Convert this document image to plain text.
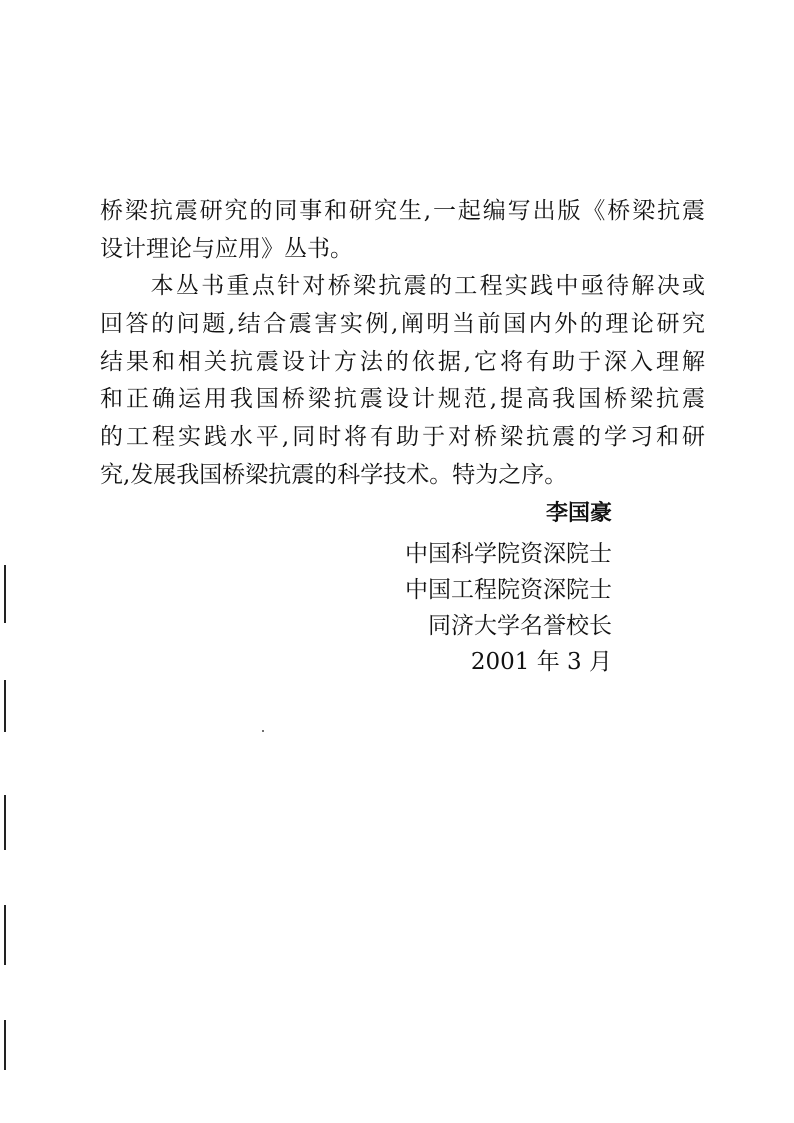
桥梁抗震研究的同事和研究生,一起编写出版《桥梁抗震
设计理论与应用》丛书。
　　本丛书重点针对桥梁抗震的工程实践中亟待解决或
回答的问题,结合震害实例,阐明当前国内外的理论研究
结果和相关抗震设计方法的依据,它将有助于深入理解
和正确运用我国桥梁抗震设计规范,提高我国桥梁抗震
的工程实践水平,同时将有助于对桥梁抗震的学习和研
究,发展我国桥梁抗震的科学技术。特为之序。
李国豪
中国科学院资深院士
中国工程院资深院士
同济大学名誉校长
2001 年 3 月
